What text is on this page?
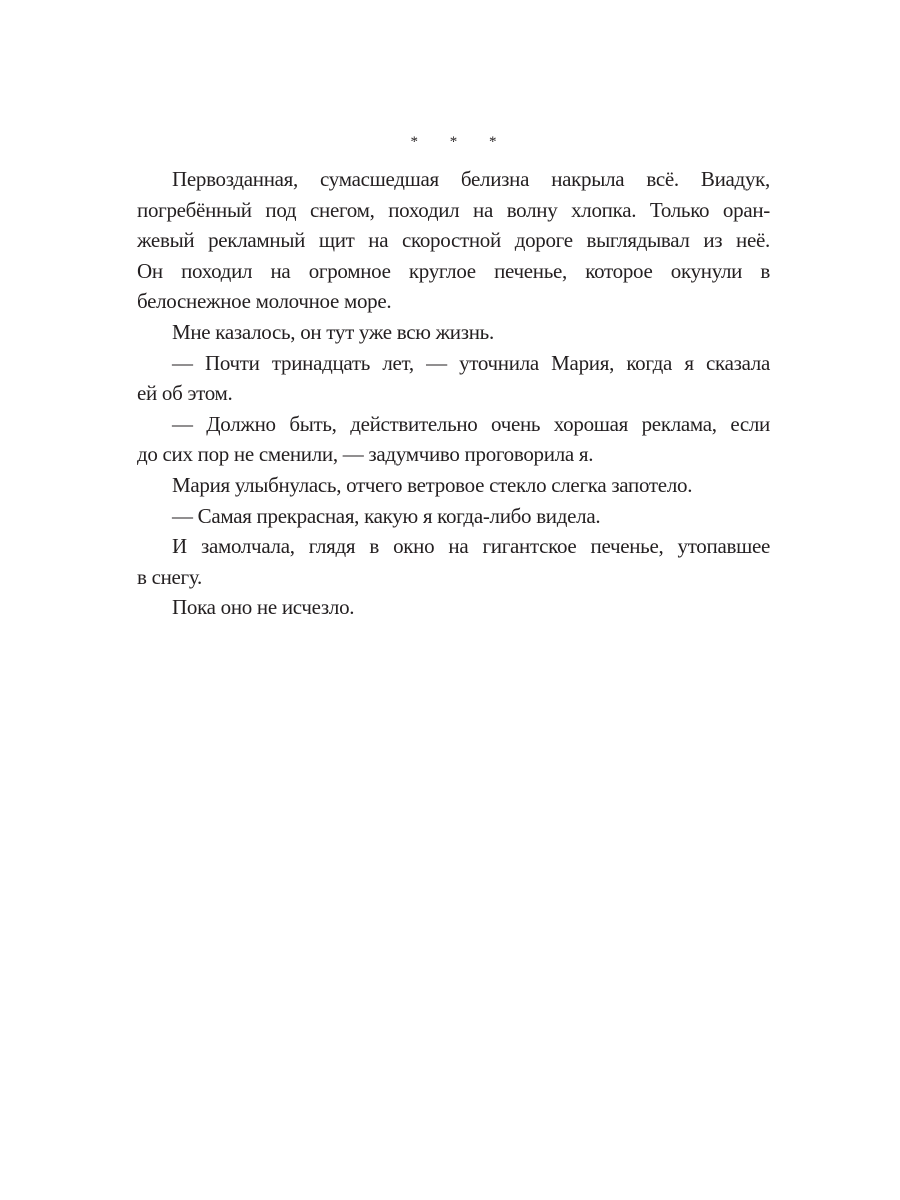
* * *
Первозданная, сумасшедшая белизна накрыла всё. Виадук,
погребённый под снегом, походил на волну хлопка. Только оран-
жевый рекламный щит на скоростной дороге выглядывал из неё.
Он походил на огромное круглое печенье, которое окунули в
белоснежное молочное море.
Мне казалось, он тут уже всю жизнь.
— Почти тринадцать лет, — уточнила Мария, когда я сказала
ей об этом.
— Должно быть, действительно очень хорошая реклама, если
до сих пор не сменили, — задумчиво проговорила я.
Мария улыбнулась, отчего ветровое стекло слегка запотело.
— Самая прекрасная, какую я когда-либо видела.
И замолчала, глядя в окно на гигантское печенье, утопавшее
в снегу.
Пока оно не исчезло.
